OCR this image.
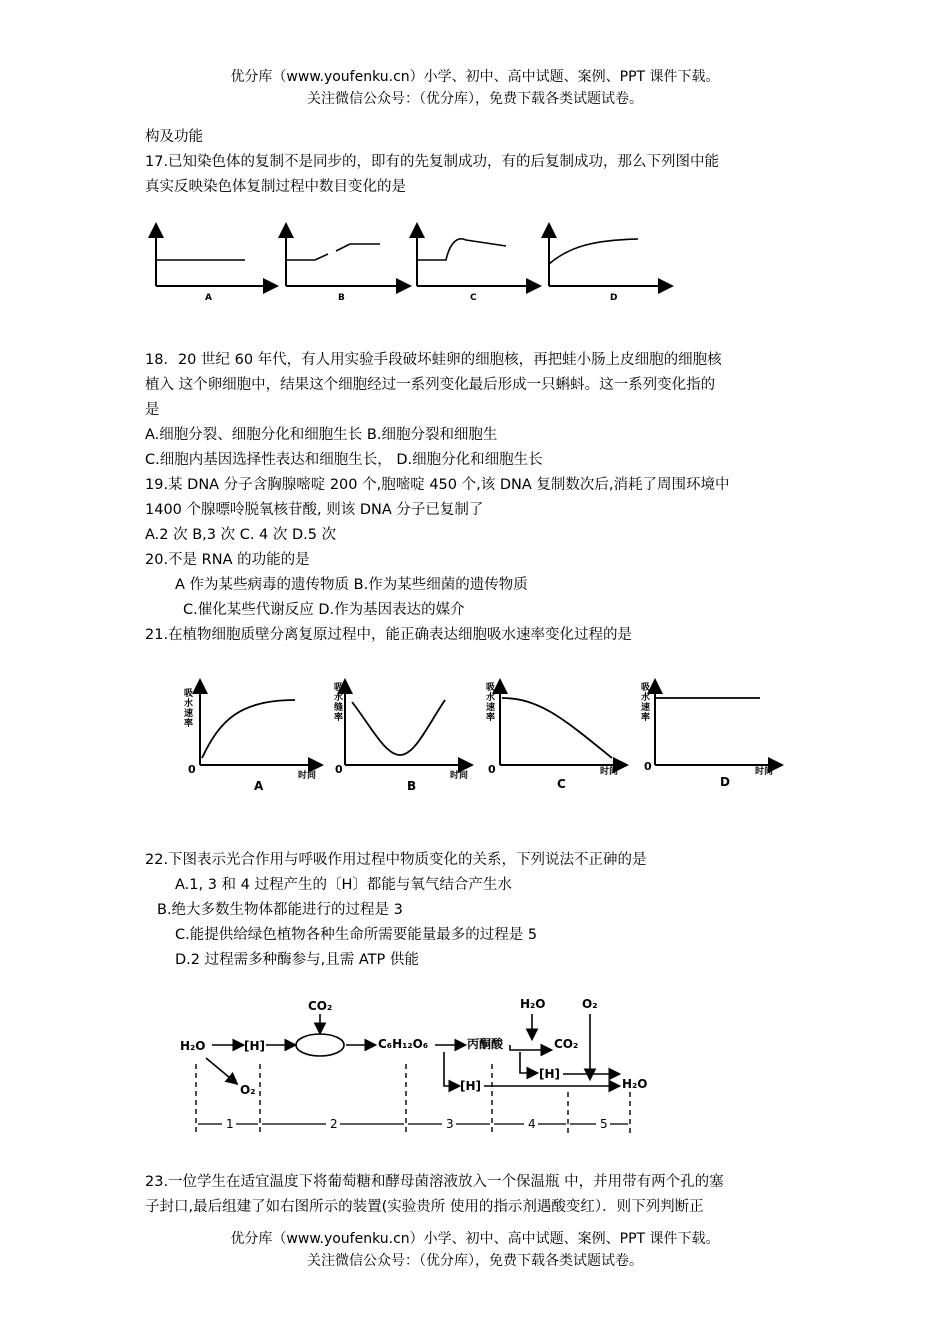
优分库（www.youfenku.cn）小学、初中、高中试题、案例、PPT 课件下载。
关注微信公众号：（优分库），免费下载各类试题试卷。
构及功能
17.已知染色体的复制不是同步的，即有的先复制成功，有的后复制成功，那么下列图中能
真实反映染色体复制过程中数目变化的是
A	B	C	D
18．20 世纪 60 年代，有人用实验手段破坏蛙卵的细胞核，再把蛙小肠上皮细胞的细胞核
植入 这个卵细胞中，结果这个细胞经过一系列变化最后形成一只蝌蚪。这一系列变化指的
是
A.细胞分裂、细胞分化和细胞生长 B.细胞分裂和细胞生
C.细胞内基因选择性表达和细胞生长， D.细胞分化和细胞生长
19.某 DNA 分子含胸腺嘧啶 200 个,胞嘧啶 450 个,该 DNA 复制数次后,消耗了周围环境中
1400 个腺嘌呤脱氧核苷酸, 则该 DNA 分子已复制了
A.2 次 B,3 次 C. 4 次 D.5 次
20.不是 RNA 的功能的是
A 作为某些病毒的遗传物质 B.作为某些细菌的遗传物质
C.催化某些代谢反应 D.作为基因表达的媒介
21.在植物细胞质壁分离复原过程中，能正确表达细胞吸水速率变化过程的是
吸
水
速
率
吸
水
缝
率
吸
水
速
率
吸
水
速
率
0	0	0	0
时间	时间	时间	时间
A	B	C	D
22.下图表示光合作用与呼吸作用过程中物质变化的关系，下列说法不正砷的是
A.1, 3 和 4 过程产生的〔H〕都能与氧气结合产生水
B.绝大多数生物体都能进行的过程是 3
C.能提供给绿色植物各种生命所需要能量最多的过程是 5
D.2 过程需多种酶参与,且需 ATP 供能
H₂O	[H]
CO₂
C₆H₁₂O₆	丙酮酸
H₂O	O₂
CO₂
[H]
[H]
O₂	H₂O
1	2	3	4	5
23.一位学生在适宜温度下将葡萄糖和酵母菌溶液放入一个保温瓶 中，并用带有两个孔的塞
子封口,最后组建了如右图所示的装置(实验贵所 使用的指示剂遇酸变红）．则下列判断正
优分库（www.youfenku.cn）小学、初中、高中试题、案例、PPT 课件下载。
关注微信公众号：（优分库），免费下载各类试题试卷。
